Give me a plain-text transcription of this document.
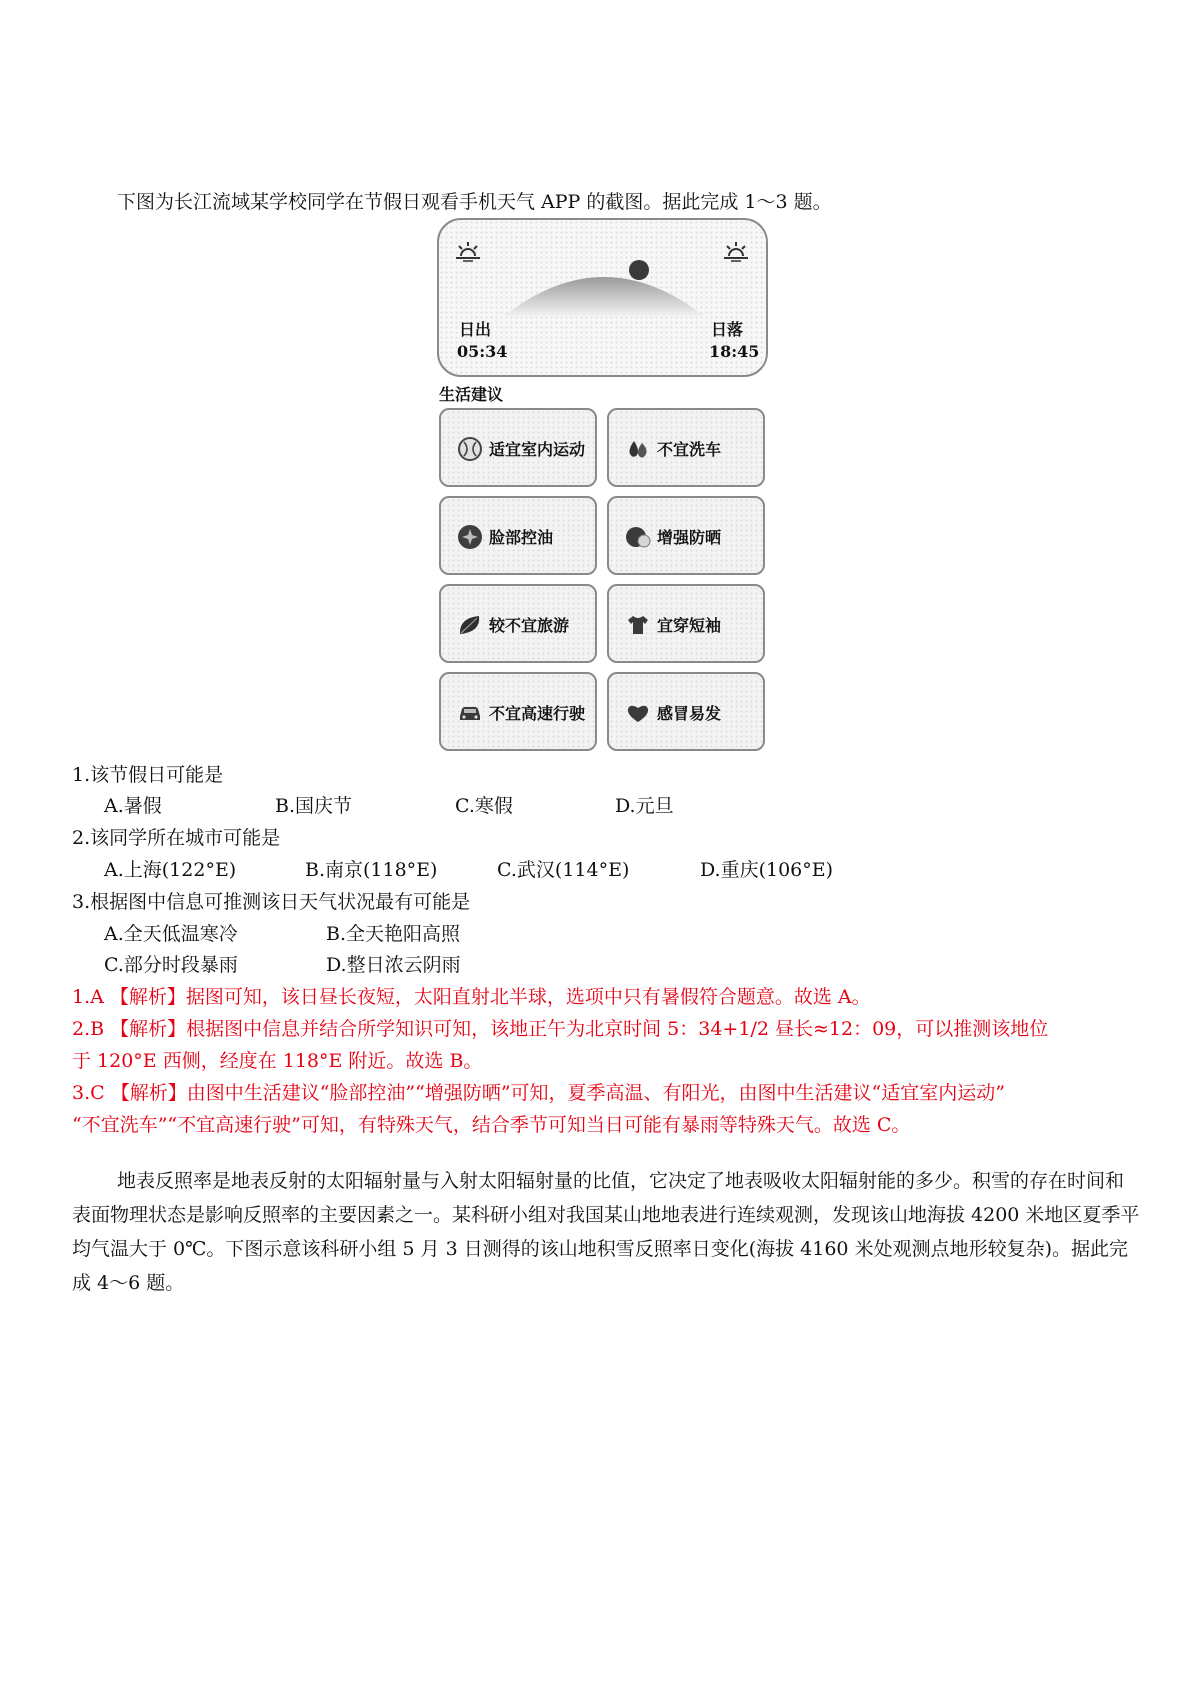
下图为长江流域某学校同学在节假日观看手机天气 APP 的截图。据此完成 1～3 题。
日出
05:34
日落
18:45
生活建议
适宜室内运动	不宜洗车
脸部控油	增强防晒
较不宜旅游	宜穿短袖
不宜高速行驶	感冒易发
1.该节假日可能是
A.暑假	B.国庆节	C.寒假	D.元旦
2.该同学所在城市可能是
A.上海(122°E)	B.南京(118°E)	C.武汉(114°E)	D.重庆(106°E)
3.根据图中信息可推测该日天气状况最有可能是
A.全天低温寒冷	B.全天艳阳高照
C.部分时段暴雨	D.整日浓云阴雨
1.A 【解析】据图可知，该日昼长夜短，太阳直射北半球，选项中只有暑假符合题意。故选 A。
2.B 【解析】根据图中信息并结合所学知识可知，该地正午为北京时间 5：34+1/2 昼长≈12：09，可以推测该地位
于 120°E 西侧，经度在 118°E 附近。故选 B。
3.C 【解析】由图中生活建议“脸部控油”“增强防晒”可知，夏季高温、有阳光，由图中生活建议“适宜室内运动”
“不宜洗车”“不宜高速行驶”可知，有特殊天气，结合季节可知当日可能有暴雨等特殊天气。故选 C。
地表反照率是地表反射的太阳辐射量与入射太阳辐射量的比值，它决定了地表吸收太阳辐射能的多少。积雪的存在时间和表面物理状态是影响反照率的主要因素之一。某科研小组对我国某山地地表进行连续观测，发现该山地海拔 4200 米地区夏季平均气温大于 0℃。下图示意该科研小组 5 月 3 日测得的该山地积雪反照率日变化(海拔 4160 米处观测点地形较复杂)。据此完成 4～6 题。
